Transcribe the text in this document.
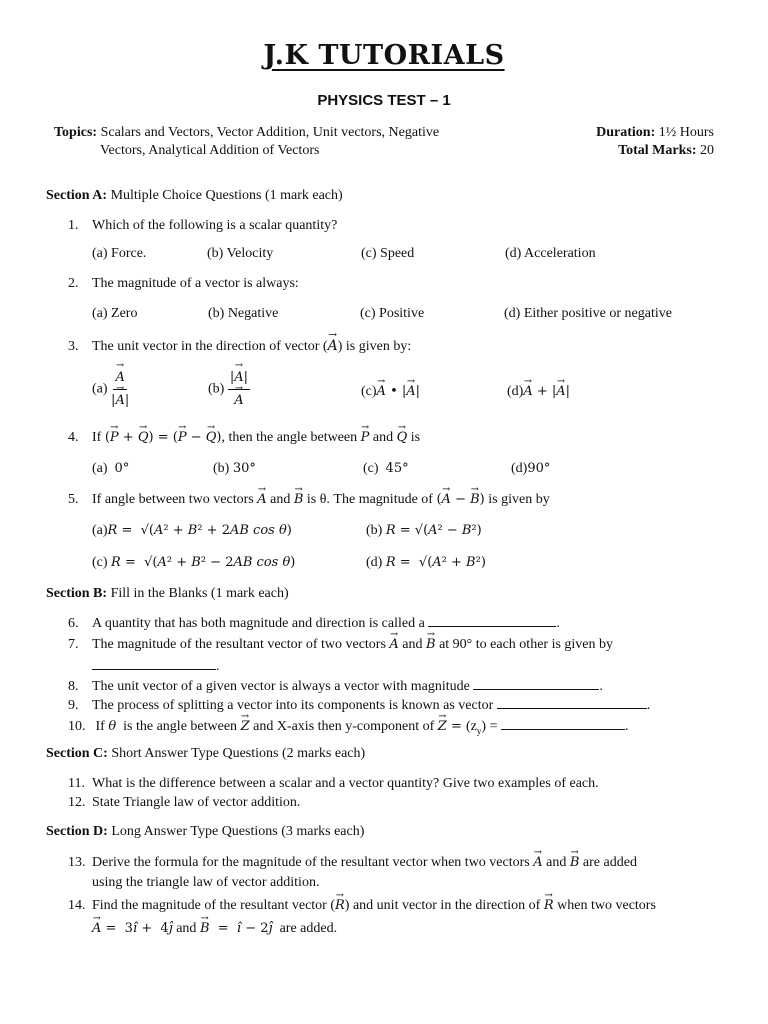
J.K TUTORIALS
PHYSICS TEST – 1
Topics: Scalars and Vectors, Vector Addition, Unit vectors, Negative
Vectors, Analytical Addition of Vectors
Duration: 1½ Hours
Total Marks: 20
Section A: Multiple Choice Questions (1 mark each)
1. Which of the following is a scalar quantity?
(a) Force.	(b) Velocity	(c) Speed	(d) Acceleration
2. The magnitude of a vector is always:
(a) Zero	(b) Negative	(c) Positive	(d) Either positive or negative
3. The unit vector in the direction of vector (→ A) is given by:
(a)
→ $\frac{A}{|\to A|}$	(b) |→ A|
→ A	(c)→ A • |→ A|	(d)→ A + |→ A|
4. If (→ P + → Q) = (→ P − → Q), then the angle between → P and → Q is
(a) 0°	(b) 30°	(c) 45°	(d)90°
5. If angle between two vectors → A and → B is θ. The magnitude of (→ A − → B) is given by
(a)R =  √(A² + B² + 2AB cos θ)	(b) R = √(A² − B²)
(c) R =  √(A² + B² − 2AB cos θ)	(d) R =  √(A² + B²)
Section B: Fill in the Blanks (1 mark each)
6. A quantity that has both magnitude and direction is called a	.
7. The magnitude of the resultant vector of two vectors → A and → B at 90° to each other is given by
.
8. The unit vector of a given vector is always a vector with magnitude	.
9. The process of splitting a vector into its components is known as vector	.
10. If θ is the angle between → Z and X-axis then y-component of → $Z = (z_y)$ =	.
Section C: Short Answer Type Questions (2 marks each)
11. What is the difference between a scalar and a vector quantity? Give two examples of each.
12. State Triangle law of vector addition.
Section D: Long Answer Type Questions (3 marks each)
13. Derive the formula for the magnitude of the resultant vector when two vectors → A and → B are added
using the triangle law of vector addition.
14. Find the magnitude of the resultant vector (→ R) and unit vector in the direction of → R when two vectors
→ A =  3î +  4ĵ and → B  =  î − 2ĵ are added.
